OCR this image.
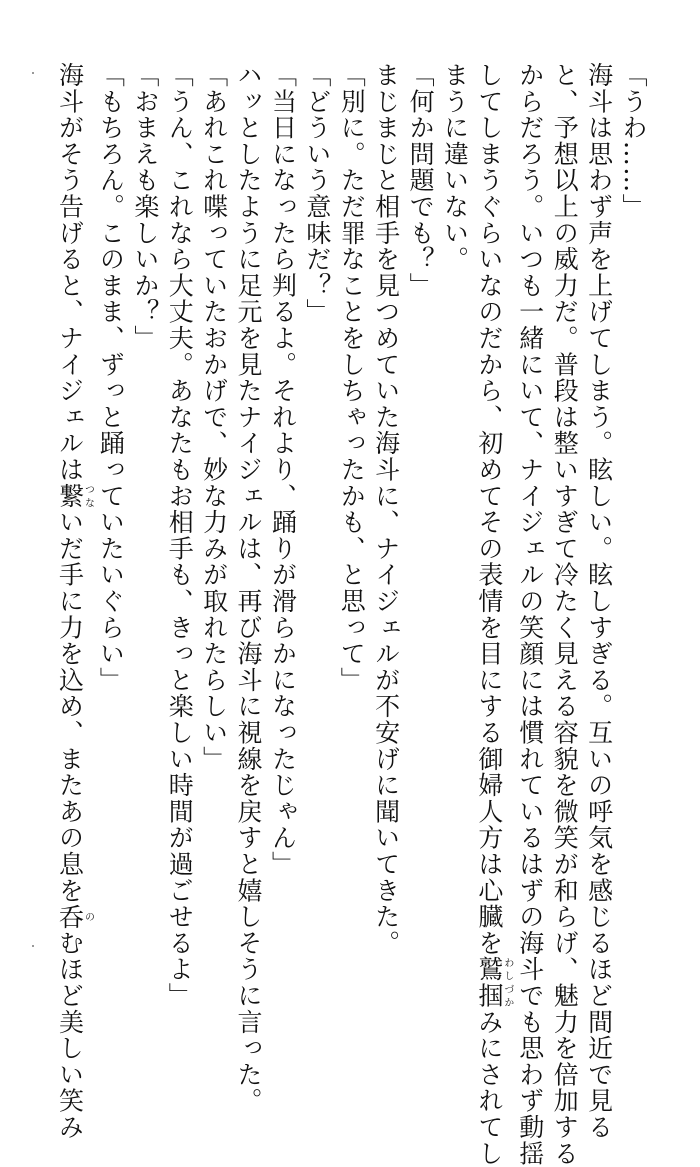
「うわ……」
海斗は思わず声を上げてしまう。眩しい。眩しすぎる。互いの呼気を感じるほど間近で見る
と、予想以上の威力だ。普段は整いすぎて冷たく見える容貌を微笑が和らげ、魅力を倍加する
からだろう。いつも一緒にいて、ナイジェルの笑顔には慣れているはずの海斗でも思わず動揺
してしまうぐらいなのだから、初めてその表情を目にする御婦人方は心臓を鷲掴わしづかみにされてし
まうに違いない。
「何か問題でも？」
まじまじと相手を見つめていた海斗に、ナイジェルが不安げに聞いてきた。
「別に。ただ罪なことをしちゃったかも、と思って」
「どういう意味だ？」
「当日になったら判るよ。それより、踊りが滑らかになったじゃん」
ハッとしたように足元を見たナイジェルは、再び海斗に視線を戻すと嬉しそうに言った。
「あれこれ喋っていたおかげで、妙な力みが取れたらしい」
「うん、これなら大丈夫。あなたもお相手も、きっと楽しい時間が過ごせるよ」
「おまえも楽しいか？」
「もちろん。このまま、ずっと踊っていたいぐらい」
海斗がそう告げると、ナイジェルは繋つないだ手に力を込め、またあの息を呑のむほど美しい笑み
